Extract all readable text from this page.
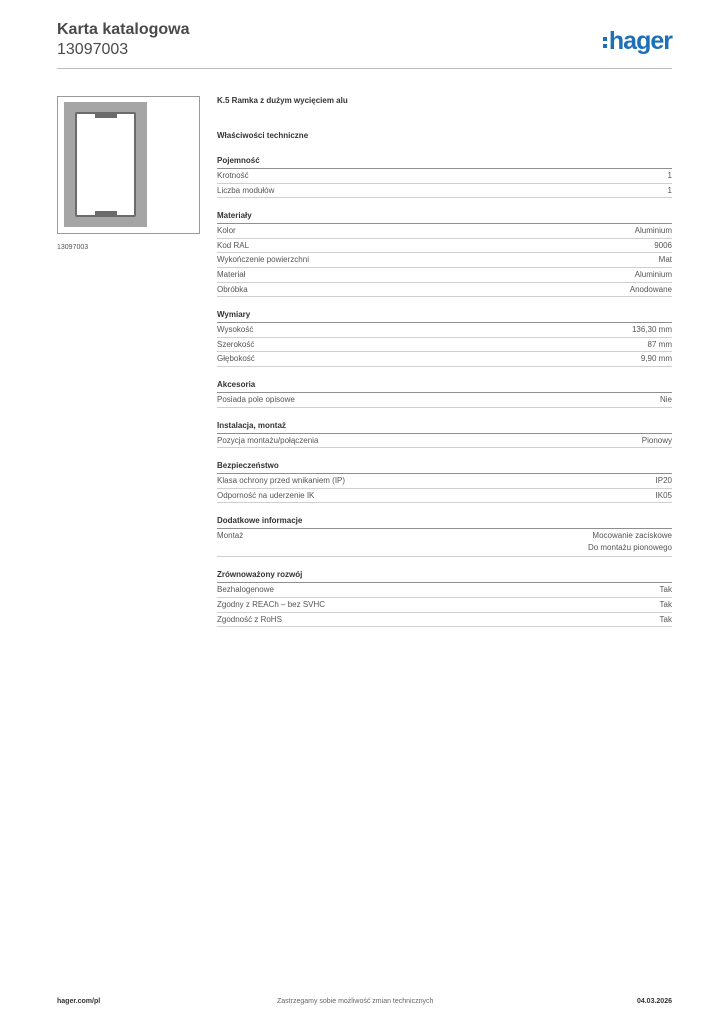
Karta katalogowa
13097003	hager
13097003
K.5 Ramka z dużym wycięciem alu
Właściwości techniczne
Pojemność
Krotność	1
Liczba modułów	1
Materiały
Kolor	Aluminium
Kod RAL	9006
Wykończenie powierzchni	Mat
Materiał	Aluminium
Obróbka	Anodowane
Wymiary
Wysokość	136,30 mm
Szerokość	87 mm
Głębokość	9,90 mm
Akcesoria
Posiada pole opisowe	Nie
Instalacja, montaż
Pozycja montażu/połączenia	Pionowy
Bezpieczeństwo
Klasa ochrony przed wnikaniem (IP)	IP20
Odporność na uderzenie IK	IK05
Dodatkowe informacje
Montaż	Mocowanie zaciskowe
Do montażu pionowego
Zrównoważony rozwój
Bezhalogenowe	Tak
Zgodny z REACh – bez SVHC	Tak
Zgodność z RoHS	Tak
hager.com/pl	Zastrzegamy sobie możliwość zmian technicznych	04.03.2026
